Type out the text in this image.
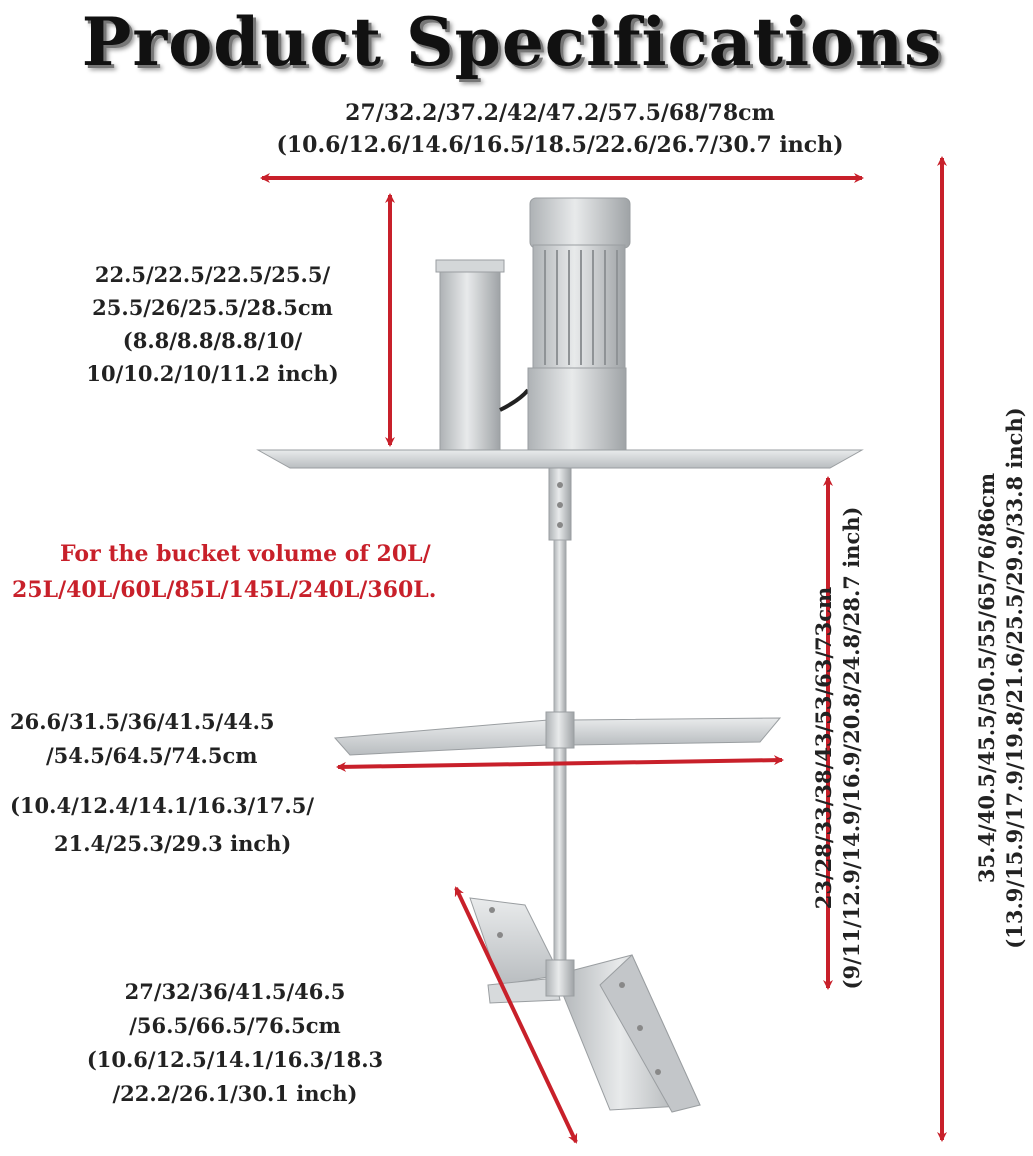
Product Specifications
27/32.2/37.2/42/47.2/57.5/68/78cm
(10.6/12.6/14.6/16.5/18.5/22.6/26.7/30.7 inch)
22.5/22.5/22.5/25.5/
25.5/26/25.5/28.5cm
(8.8/8.8/8.8/10/
10/10.2/10/11.2 inch)
For the bucket volume of 20L/
25L/40L/60L/85L/145L/240L/360L.
26.6/31.5/36/41.5/44.5
/54.5/64.5/74.5cm
(10.4/12.4/14.1/16.3/17.5/
21.4/25.3/29.3 inch)
27/32/36/41.5/46.5
/56.5/66.5/76.5cm
(10.6/12.5/14.1/16.3/18.3
/22.2/26.1/30.1 inch)
23/28/33/38/43/53/63/73cm (9/11/12.9/14.9/16.9/20.8/24.8/28.7 inch)	35.4/40.5/45.5/50.5/55/65/76/86cm (13.9/15.9/17.9/19.8/21.6/25.5/29.9/33.8 inch)
